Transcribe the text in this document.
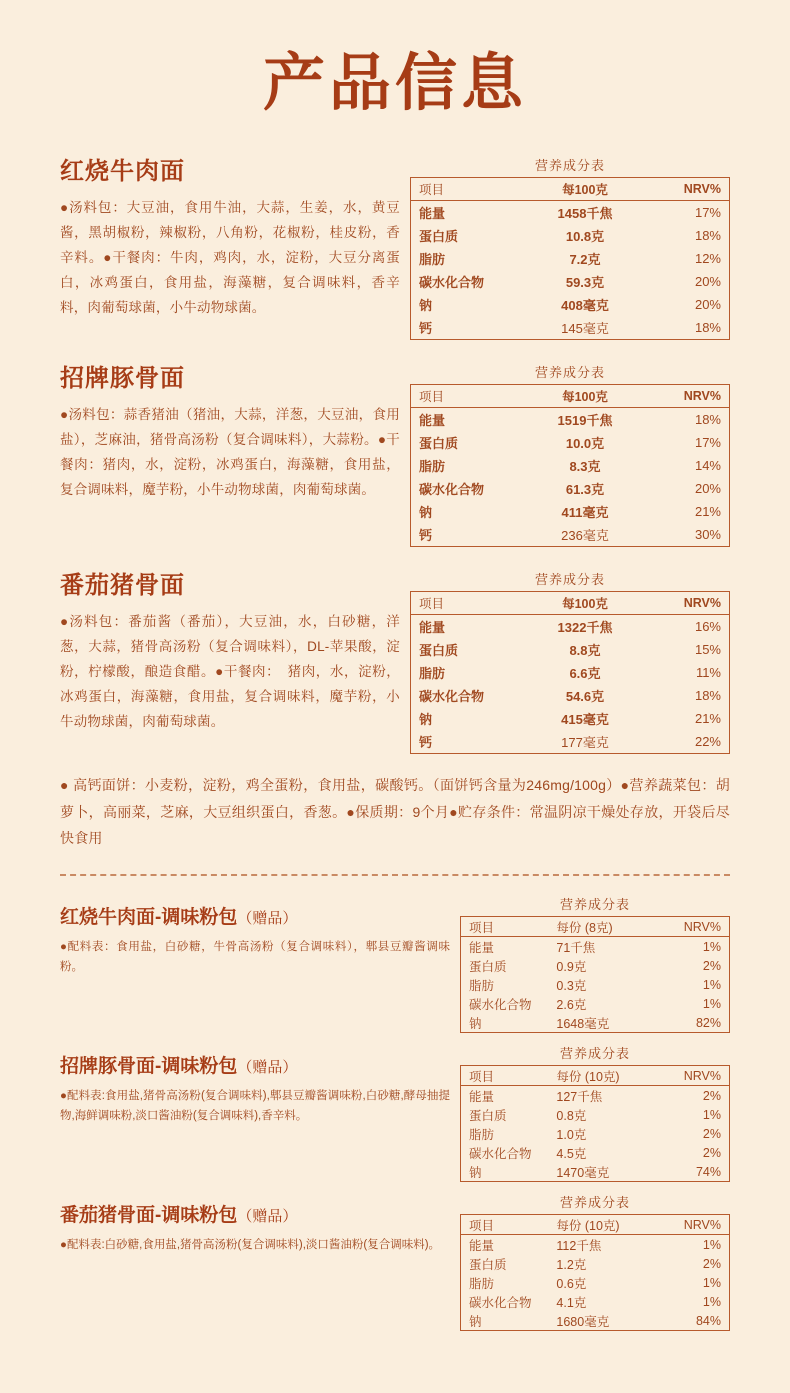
产品信息
红烧牛肉面
●汤料包：大豆油，食用牛油，大蒜，生姜，水，黄豆酱，黑胡椒粉，辣椒粉，八角粉，花椒粉，桂皮粉，香辛料。●干餐肉：牛肉，鸡肉，水，淀粉，大豆分离蛋白，冰鸡蛋白，食用盐，海藻糖，复合调味料，香辛料，肉葡萄球菌，小牛动物球菌。
营养成分表
项目	每100克	NRV%
能量	1458千焦	17%
蛋白质	10.8克	18%
脂肪	7.2克	12%
碳水化合物	59.3克	20%
钠	408毫克	20%
钙	145毫克	18%
招牌豚骨面
●汤料包：蒜香猪油（猪油，大蒜，洋葱，大豆油，食用盐），芝麻油，猪骨高汤粉（复合调味料），大蒜粉。●干餐肉：猪肉，水，淀粉，冰鸡蛋白，海藻糖，食用盐，复合调味料，魔芋粉，小牛动物球菌，肉葡萄球菌。
营养成分表
项目	每100克	NRV%
能量	1519千焦	18%
蛋白质	10.0克	17%
脂肪	8.3克	14%
碳水化合物	61.3克	20%
钠	411毫克	21%
钙	236毫克	30%
番茄猪骨面
●汤料包：番茄酱（番茄），大豆油，水，白砂糖，洋葱，大蒜，猪骨高汤粉（复合调味料），DL-苹果酸，淀粉，柠檬酸，酿造食醋。●干餐肉：　猪肉，水，淀粉，冰鸡蛋白，海藻糖，食用盐，复合调味料，魔芋粉，小牛动物球菌，肉葡萄球菌。
营养成分表
项目	每100克	NRV%
能量	1322千焦	16%
蛋白质	8.8克	15%
脂肪	6.6克	11%
碳水化合物	54.6克	18%
钠	415毫克	21%
钙	177毫克	22%
● 高钙面饼：小麦粉，淀粉，鸡全蛋粉，食用盐，碳酸钙。（面饼钙含量为246mg/100g）●营养蔬菜包：胡萝卜，高丽菜，芝麻，大豆组织蛋白，香葱。●保质期：9个月●贮存条件：常温阴凉干燥处存放，开袋后尽快食用
红烧牛肉面-调味粉包（赠品）
●配料表：食用盐，白砂糖，牛骨高汤粉（复合调味料），郫县豆瓣酱调味粉。
营养成分表
项目	每份 (8克)	NRV%
能量	71千焦	1%
蛋白质	0.9克	2%
脂肪	0.3克	1%
碳水化合物	2.6克	1%
钠	1648毫克	82%
招牌豚骨面-调味粉包（赠品）
●配料表:食用盐,猪骨高汤粉(复合调味料),郫县豆瓣酱调味粉,白砂糖,酵母抽提物,海鲜调味粉,淡口酱油粉(复合调味料),香辛料。
营养成分表
项目	每份 (10克)	NRV%
能量	127千焦	2%
蛋白质	0.8克	1%
脂肪	1.0克	2%
碳水化合物	4.5克	2%
钠	1470毫克	74%
番茄猪骨面-调味粉包（赠品）
●配料表:白砂糖,食用盐,猪骨高汤粉(复合调味料),淡口酱油粉(复合调味料)。
营养成分表
项目	每份 (10克)	NRV%
能量	112千焦	1%
蛋白质	1.2克	2%
脂肪	0.6克	1%
碳水化合物	4.1克	1%
钠	1680毫克	84%
